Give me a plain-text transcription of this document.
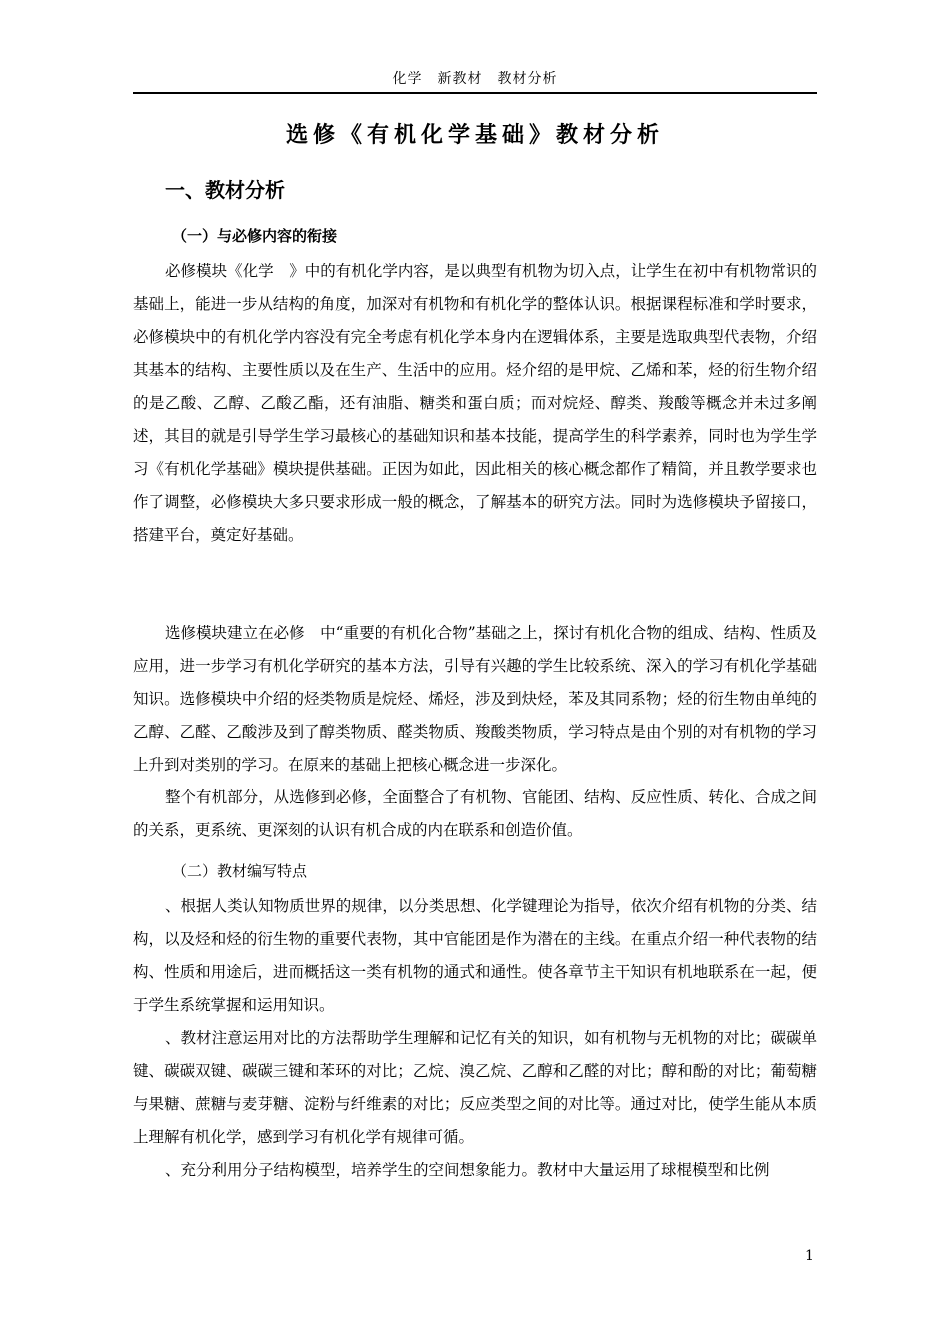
化学　新教材　教材分析
选修《有机化学基础》教材分析
一、教材分析
（一）与必修内容的衔接
必修模块《化学　》中的有机化学内容，是以典型有机物为切入点，让学生在初中有机物常识的基础上，能进一步从结构的角度，加深对有机物和有机化学的整体认识。根据课程标准和学时要求，必修模块中的有机化学内容没有完全考虑有机化学本身内在逻辑体系，主要是选取典型代表物，介绍其基本的结构、主要性质以及在生产、生活中的应用。烃介绍的是甲烷、乙烯和苯，烃的衍生物介绍的是乙酸、乙醇、乙酸乙酯，还有油脂、糖类和蛋白质；而对烷烃、醇类、羧酸等概念并未过多阐述，其目的就是引导学生学习最核心的基础知识和基本技能，提高学生的科学素养，同时也为学生学习《有机化学基础》模块提供基础。正因为如此，因此相关的核心概念都作了精简，并且教学要求也作了调整，必修模块大多只要求形成一般的概念，了解基本的研究方法。同时为选修模块予留接口，搭建平台，奠定好基础。
选修模块建立在必修　中“重要的有机化合物”基础之上，探讨有机化合物的组成、结构、性质及应用，进一步学习有机化学研究的基本方法，引导有兴趣的学生比较系统、深入的学习有机化学基础知识。选修模块中介绍的烃类物质是烷烃、烯烃，涉及到炔烃，苯及其同系物；烃的衍生物由单纯的乙醇、乙醛、乙酸涉及到了醇类物质、醛类物质、羧酸类物质，学习特点是由个别的对有机物的学习上升到对类别的学习。在原来的基础上把核心概念进一步深化。
整个有机部分，从选修到必修，全面整合了有机物、官能团、结构、反应性质、转化、合成之间的关系，更系统、更深刻的认识有机合成的内在联系和创造价值。
（二）教材编写特点
、根据人类认知物质世界的规律，以分类思想、化学键理论为指导，依次介绍有机物的分类、结构，以及烃和烃的衍生物的重要代表物，其中官能团是作为潜在的主线。在重点介绍一种代表物的结构、性质和用途后，进而概括这一类有机物的通式和通性。使各章节主干知识有机地联系在一起，便于学生系统掌握和运用知识。
、教材注意运用对比的方法帮助学生理解和记忆有关的知识，如有机物与无机物的对比；碳碳单键、碳碳双键、碳碳三键和苯环的对比；乙烷、溴乙烷、乙醇和乙醛的对比；醇和酚的对比；葡萄糖与果糖、蔗糖与麦芽糖、淀粉与纤维素的对比；反应类型之间的对比等。通过对比，使学生能从本质上理解有机化学，感到学习有机化学有规律可循。
、充分利用分子结构模型，培养学生的空间想象能力。教材中大量运用了球棍模型和比例
1
